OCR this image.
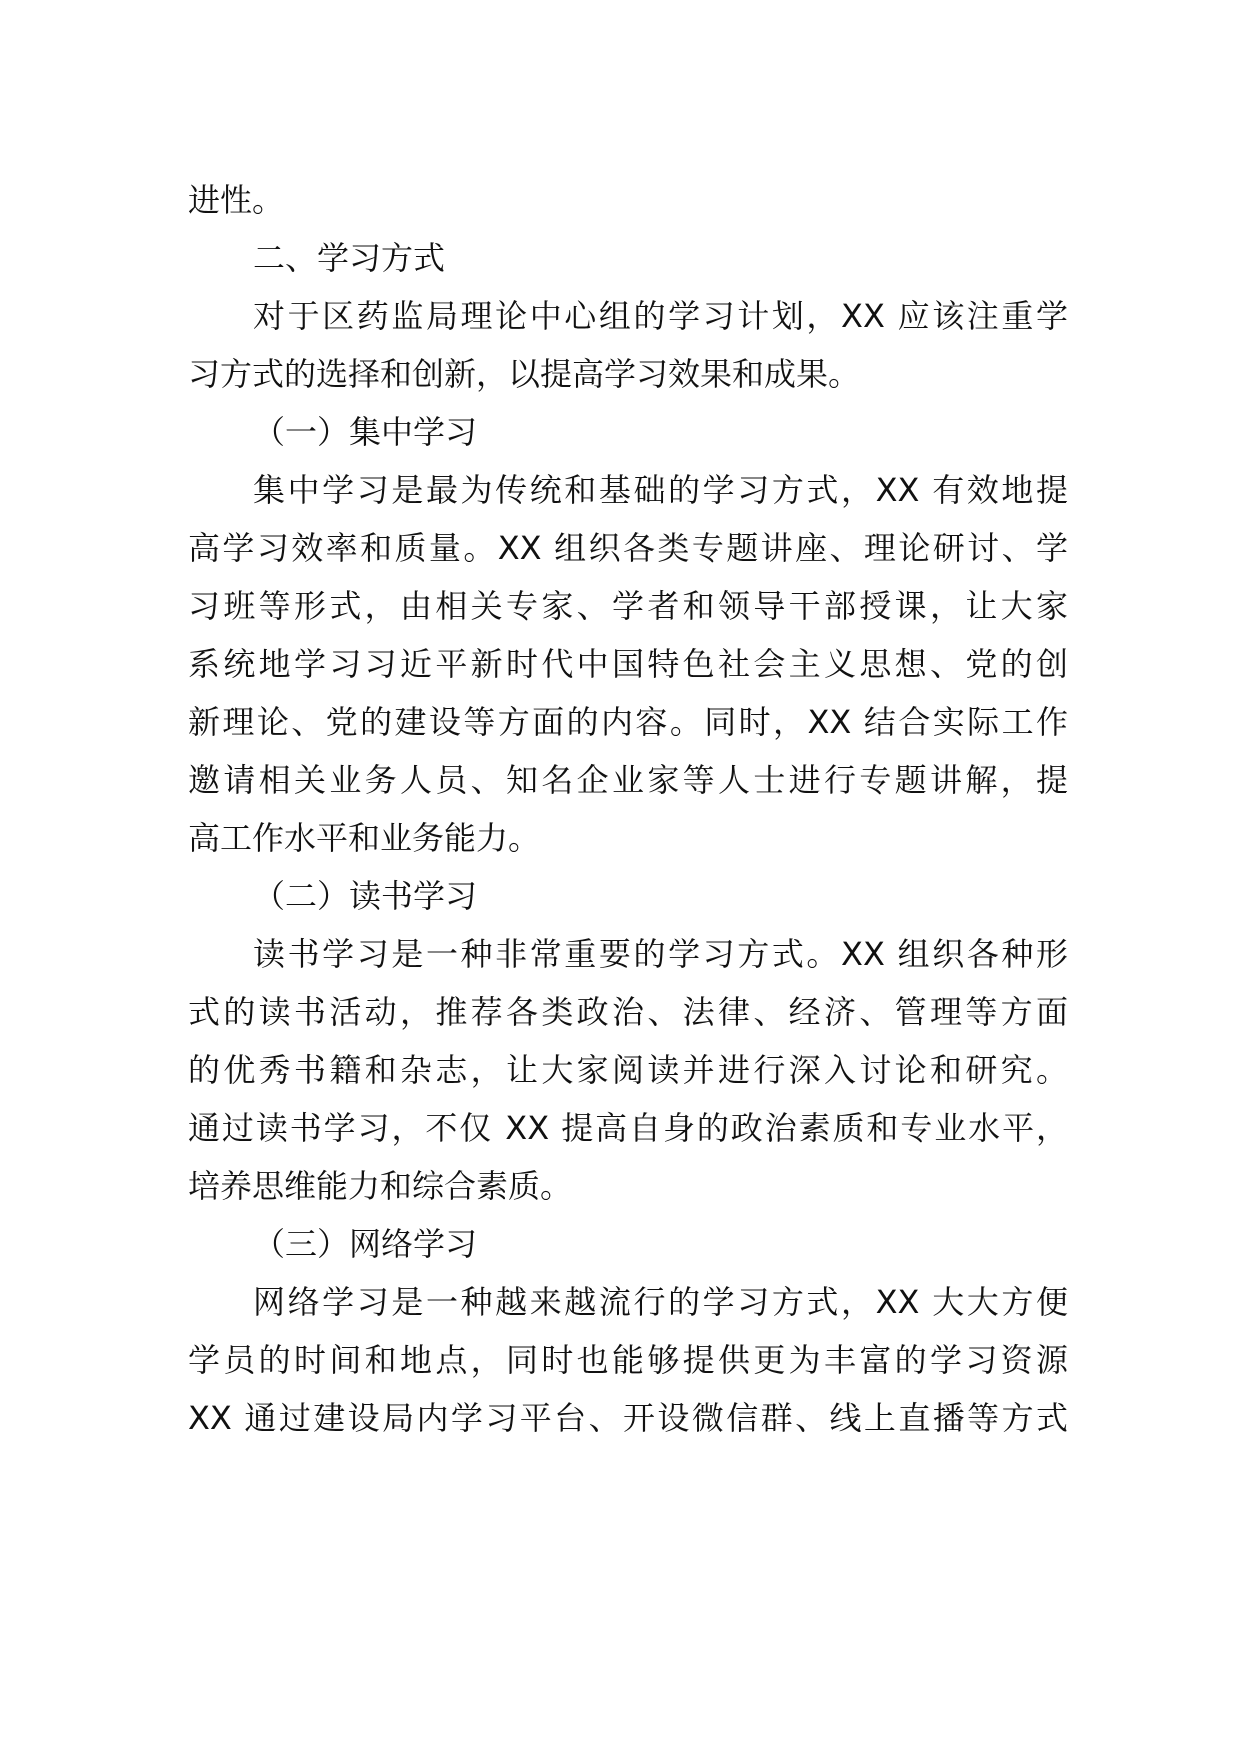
进性。
二、学习方式
对于区药监局理论中心组的学习计划，XX 应该注重学
习方式的选择和创新，以提高学习效果和成果。
（一）集中学习
集中学习是最为传统和基础的学习方式，XX 有效地提
高学习效率和质量。XX 组织各类专题讲座、理论研讨、学
习班等形式，由相关专家、学者和领导干部授课，让大家
系统地学习习近平新时代中国特色社会主义思想、党的创
新理论、党的建设等方面的内容。同时，XX 结合实际工作
邀请相关业务人员、知名企业家等人士进行专题讲解，提
高工作水平和业务能力。
（二）读书学习
读书学习是一种非常重要的学习方式。XX 组织各种形
式的读书活动，推荐各类政治、法律、经济、管理等方面
的优秀书籍和杂志，让大家阅读并进行深入讨论和研究。
通过读书学习，不仅 XX 提高自身的政治素质和专业水平，
培养思维能力和综合素质。
（三）网络学习
网络学习是一种越来越流行的学习方式，XX 大大方便
学员的时间和地点，同时也能够提供更为丰富的学习资源
XX 通过建设局内学习平台、开设微信群、线上直播等方式
